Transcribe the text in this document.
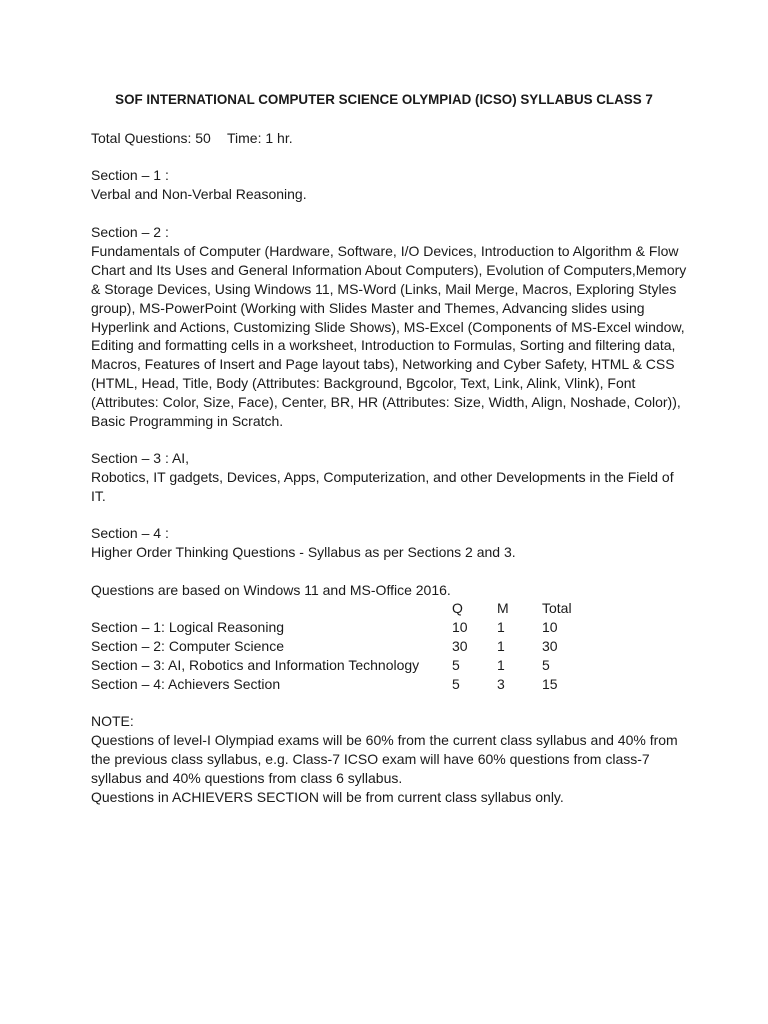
SOF INTERNATIONAL COMPUTER SCIENCE OLYMPIAD (ICSO) SYLLABUS CLASS 7
Total Questions: 50 Time: 1 hr.
Section – 1 :
Verbal and Non-Verbal Reasoning.
Section – 2 :
Fundamentals of Computer (Hardware, Software, I/O Devices, Introduction to Algorithm & Flow
Chart and Its Uses and General Information About Computers), Evolution of Computers,Memory
& Storage Devices, Using Windows 11, MS-Word (Links, Mail Merge, Macros, Exploring Styles
group), MS-PowerPoint (Working with Slides Master and Themes, Advancing slides using
Hyperlink and Actions, Customizing Slide Shows), MS-Excel (Components of MS-Excel window,
Editing and formatting cells in a worksheet, Introduction to Formulas, Sorting and filtering data,
Macros, Features of Insert and Page layout tabs), Networking and Cyber Safety, HTML & CSS
(HTML, Head, Title, Body (Attributes: Background, Bgcolor, Text, Link, Alink, Vlink), Font
(Attributes: Color, Size, Face), Center, BR, HR (Attributes: Size, Width, Align, Noshade, Color)),
Basic Programming in Scratch.
Section – 3 : AI,
Robotics, IT gadgets, Devices, Apps, Computerization, and other Developments in the Field of
IT.
Section – 4 :
Higher Order Thinking Questions - Syllabus as per Sections 2 and 3.
Questions are based on Windows 11 and MS-Office 2016.
Q M Total
Section – 1: Logical Reasoning	10 1	10
Section – 2: Computer Science	30 1	30
Section – 3: AI, Robotics and Information Technology 5	1	5
Section – 4: Achievers Section	5	3	15
NOTE:
Questions of level-I Olympiad exams will be 60% from the current class syllabus and 40% from
the previous class syllabus, e.g. Class-7 ICSO exam will have 60% questions from class-7
syllabus and 40% questions from class 6 syllabus.
Questions in ACHIEVERS SECTION will be from current class syllabus only.
